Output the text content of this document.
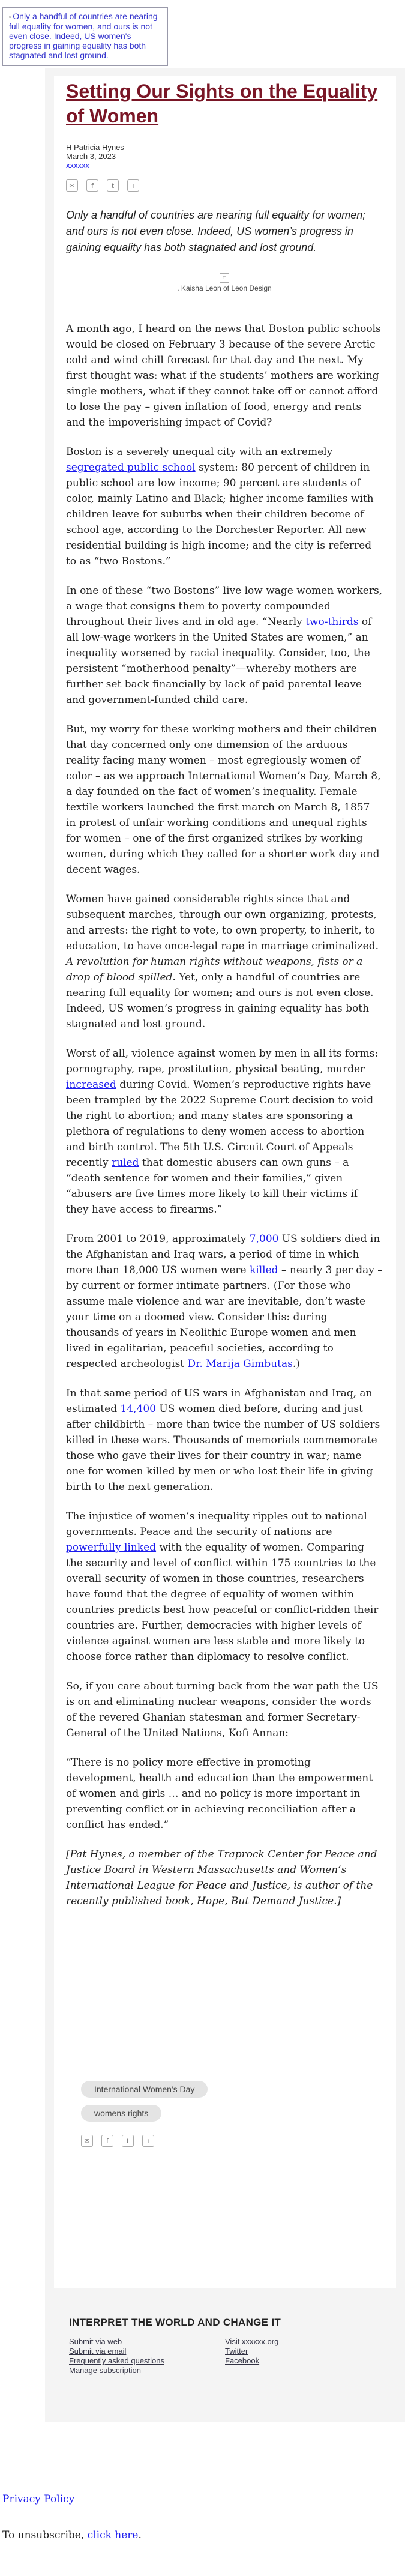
▫ Only a handful of countries are nearing full equality for women, and ours is not even close. Indeed, US women's progress in gaining equality has both stagnated and lost ground.
Setting Our Sights on the Equality of Women
H Patricia Hynes
March 3, 2023
xxxxxx
✉	f	t	+
Only a handful of countries are nearing full equality for women; and ours is not even close. Indeed, US women’s progress in gaining equality has both stagnated and lost ground.
▫
. Kaisha Leon of Leon Design

A month ago, I heard on the news that Boston public schools would be closed on February 3 because of the severe Arctic cold and wind chill forecast for that day and the next. My first thought was: what if the students’ mothers are working single mothers, what if they cannot take off or cannot afford to lose the pay – given inflation of food, energy and rents and the impoverishing impact of Covid?

Boston is a severely unequal city with an extremely segregated public school system: 80 percent of children in public school are low income; 90 percent are students of color, mainly Latino and Black; higher income families with children leave for suburbs when their children become of school age, according to the Dorchester Reporter. All new residential building is high income; and the city is referred to as “two Bostons.”

In one of these “two Bostons” live low wage women workers, a wage that consigns them to poverty compounded throughout their lives and in old age. “Nearly two-thirds of all low-wage workers in the United States are women,” an inequality worsened by racial inequality. Consider, too, the persistent “motherhood penalty”—whereby mothers are further set back financially by lack of paid parental leave and government-funded child care.

But, my worry for these working mothers and their children that day concerned only one dimension of the arduous reality facing many women – most egregiously women of color – as we approach International Women’s Day, March 8, a day founded on the fact of women’s inequality. Female textile workers launched the first march on March 8, 1857 in protest of unfair working conditions and unequal rights for women – one of the first organized strikes by working women, during which they called for a shorter work day and decent wages.

Women have gained considerable rights since that and subsequent marches, through our own organizing, protests, and arrests: the right to vote, to own property, to inherit, to education, to have once-legal rape in marriage criminalized. A revolution for human rights without weapons, fists or a drop of blood spilled. Yet, only a handful of countries are nearing full equality for women; and ours is not even close. Indeed, US women’s progress in gaining equality has both stagnated and lost ground.

Worst of all, violence against women by men in all its forms: pornography, rape, prostitution, physical beating, murder increased during Covid. Women’s reproductive rights have been trampled by the 2022 Supreme Court decision to void the right to abortion; and many states are sponsoring a plethora of regulations to deny women access to abortion and birth control. The 5th U.S. Circuit Court of Appeals recently ruled that domestic abusers can own guns – a “death sentence for women and their families,” given “abusers are five times more likely to kill their victims if they have access to firearms.”

From 2001 to 2019, approximately 7,000 US soldiers died in the Afghanistan and Iraq wars, a period of time in which more than 18,000 US women were killed – nearly 3 per day – by current or former intimate partners. (For those who assume male violence and war are inevitable, don’t waste your time on a doomed view. Consider this: during thousands of years in Neolithic Europe women and men lived in egalitarian, peaceful societies, according to respected archeologist Dr. Marija Gimbutas.)

In that same period of US wars in Afghanistan and Iraq, an estimated 14,400 US women died before, during and just after childbirth – more than twice the number of US soldiers killed in these wars. Thousands of memorials commemorate those who gave their lives for their country in war; name one for women killed by men or who lost their life in giving birth to the next generation.

The injustice of women’s inequality ripples out to national governments. Peace and the security of nations are powerfully linked with the equality of women. Comparing the security and level of conflict within 175 countries to the overall security of women in those countries, researchers have found that the degree of equality of women within countries predicts best how peaceful or conflict-ridden their countries are. Further, democracies with higher levels of violence against women are less stable and more likely to choose force rather than diplomacy to resolve conflict.

So, if you care about turning back from the war path the US is on and eliminating nuclear weapons, consider the words of the revered Ghanian statesman and former Secretary-General of the United Nations, Kofi Annan:

“There is no policy more effective in promoting development, health and education than the empowerment of women and girls … and no policy is more important in preventing conflict or in achieving reconciliation after a conflict has ended.”

[Pat Hynes, a member of the Traprock Center for Peace and Justice Board in Western Massachusetts and Women’s International League for Peace and Justice, is author of the recently published book, Hope, But Demand Justice.]

International Women's Day
womens rights
✉	f	t	+
INTERPRET THE WORLD AND CHANGE IT
Submit via web
Submit via email
Frequently asked questions
Manage subscription
Visit xxxxxx.org
Twitter
Facebook
Privacy Policy
To unsubscribe, click here.
